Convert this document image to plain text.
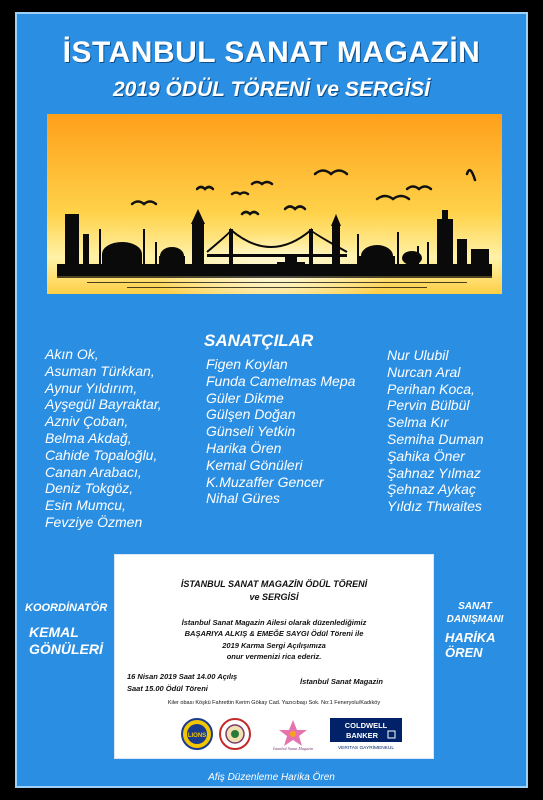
İSTANBUL SANAT MAGAZİN
2019 ÖDÜL TÖRENİ ve SERGİSİ
SANATÇILAR
Akın Ok,
Asuman Türkkan,
Aynur Yıldırım,
Ayşegül Bayraktar,
Azniv Çoban,
Belma Akdağ,
Cahide Topaloğlu,
Canan Arabacı,
Deniz Tokgöz,
Esin Mumcu,
Fevziye Özmen
Figen Koylan
Funda Camelmas Mepa
Güler Dikme
Gülşen Doğan
Günseli Yetkin
Harika Ören
Kemal Gönüleri
K.Muzaffer Gencer
Nihal Güres
Nur Ulubil
Nurcan Aral
Perihan Koca,
Pervin Bülbül
Selma Kır
Semiha Duman
Şahika Öner
Şahnaz Yılmaz
Şehnaz Aykaç
Yıldız Thwaites
KOORDİNATÖR
KEMAL
GÖNÜLERİ
SANAT
DANIŞMANI
HARİKA
ÖREN
İSTANBUL SANAT MAGAZİN ÖDÜL TÖRENİ
ve SERGİSİ
İstanbul Sanat Magazin Ailesi olarak düzenlediğimiz
BAŞARIYA ALKIŞ & EMEĞE SAYGI Ödül Töreni ile
2019 Karma Sergi Açılışımıza
onur vermenizi rica ederiz.
16 Nisan 2019 Saat 14.00 Açılış
Saat 15.00 Ödül Töreni
İstanbul Sanat Magazin
Kiler obası Köşkü Fahrettin Kerim Gökay Cad. Yazıcıbaşı Sok. No:1 Feneryolu/Kadıköy
LIONS
İstanbul Sanat Magazin
COLDWELL
BANKER
VERITAS GAYRİMENKUL
Afiş Düzenleme Harika Ören
